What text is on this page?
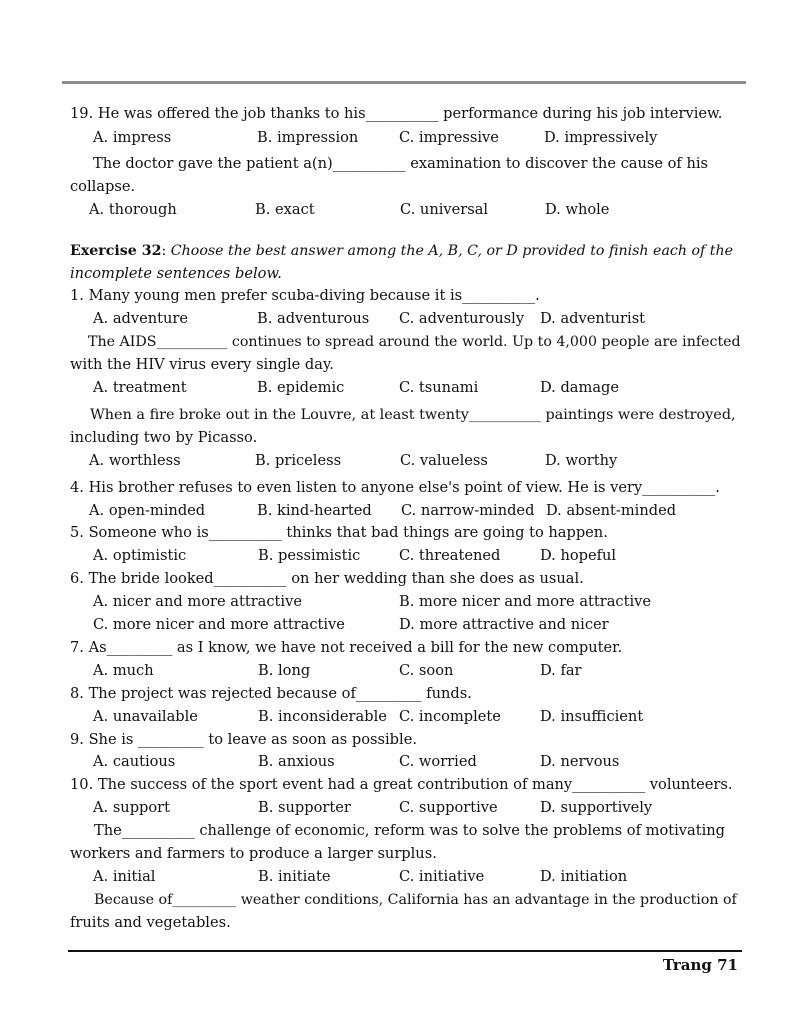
19. He was offered the job thanks to his__________ performance during his job interview.
A. impress	B. impression	C. impressive	D. impressively
The doctor gave the patient a(n)__________ examination to discover the cause of his
collapse.
A. thorough	B. exact	C. universal	D. whole
Exercise 32: Choose the best answer among the A, B, C, or D provided to finish each of the
incomplete sentences below.
1. Many young men prefer scuba-diving because it is__________.
A. adventure	B. adventurous C. adventurously D. adventurist
The AIDS__________ continues to spread around the world. Up to 4,000 people are infected
with the HIV virus every single day.
A. treatment	B. epidemic	C. tsunami	D. damage
When a fire broke out in the Louvre, at least twenty__________ paintings were destroyed,
including two by Picasso.
A. worthless	B. priceless	C. valueless	D. worthy
4. His brother refuses to even listen to anyone else's point of view. He is very__________.
A. open-minded	B. kind-hearted C. narrow-minded D. absent-minded
5. Someone who is__________ thinks that bad things are going to happen.
A. optimistic	B. pessimistic	C. threatened	D. hopeful
6. The bride looked__________ on her wedding than she does as usual.
A. nicer and more attractive	B. more nicer and more attractive
C. more nicer and more attractive	D. more attractive and nicer
7. As_________ as I know, we have not received a bill for the new computer.
A. much	B. long	C. soon	D. far
8. The project was rejected because of_________ funds.
A. unavailable	B. inconsiderable C. incomplete	D. insufficient
9. She is _________ to leave as soon as possible.
A. cautious	B. anxious	C. worried	D. nervous
10. The success of the sport event had a great contribution of many__________ volunteers.
A. support	B. supporter	C. supportive	D. supportively
The__________ challenge of economic, reform was to solve the problems of motivating
workers and farmers to produce a larger surplus.
A. initial	B. initiate	C. initiative	D. initiation
Because of_________ weather conditions, California has an advantage in the production of
fruits and vegetables.
Trang 71
